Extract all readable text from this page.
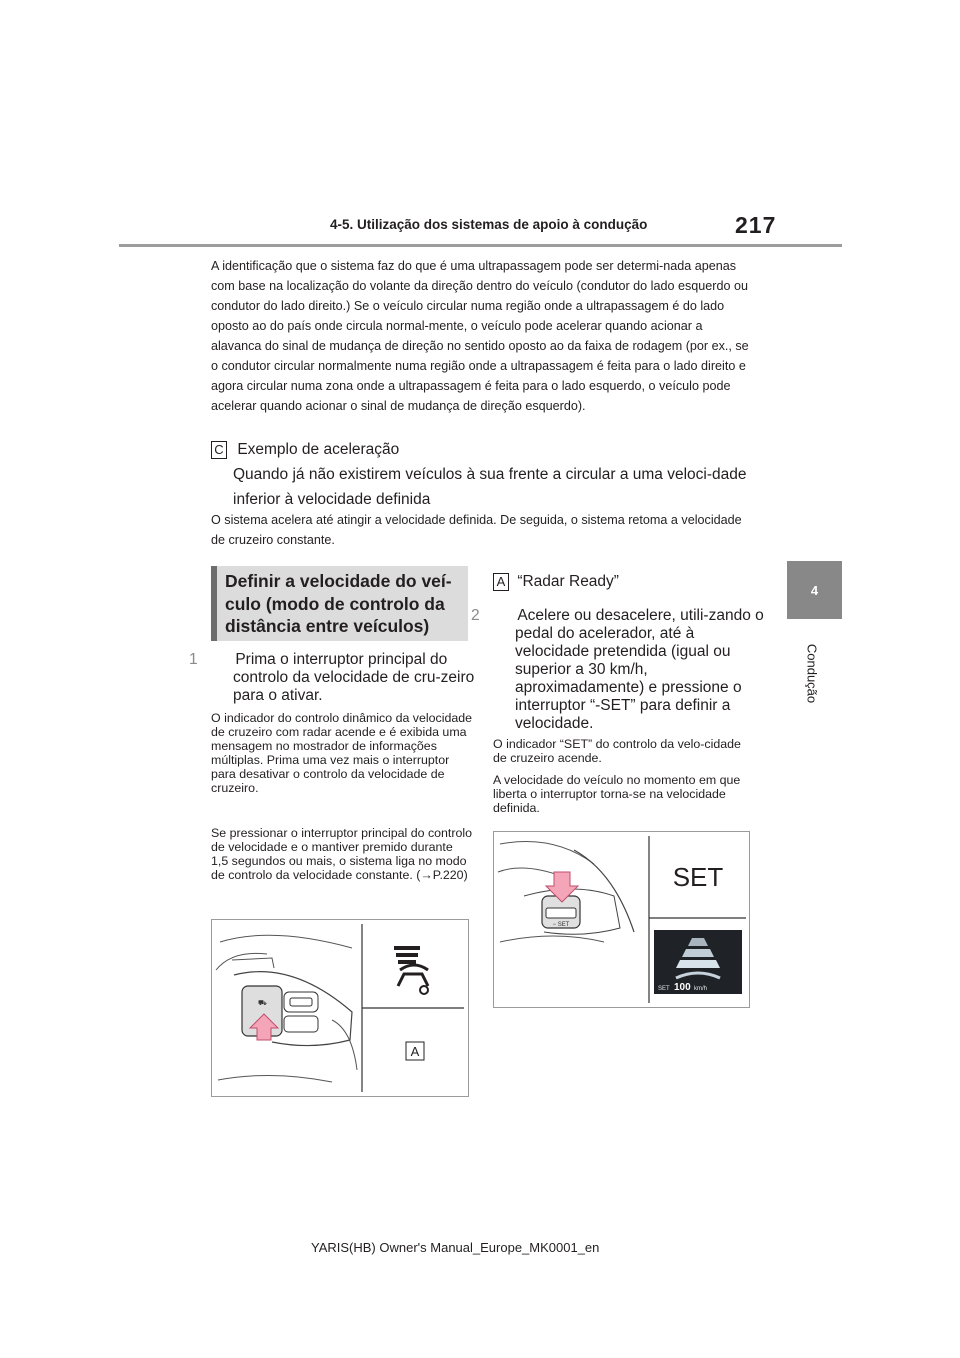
4-5. Utilização dos sistemas de apoio à condução	217
4
Condução
A identificação que o sistema faz do que é uma ultrapassagem pode ser determi-nada apenas com base na localização do volante da direção dentro do veículo (condutor do lado esquerdo ou condutor do lado direito.) Se o veículo circular numa região onde a ultrapassagem é do lado oposto ao do país onde circula normal-mente, o veículo pode acelerar quando acionar a alavanca do sinal de mudança de direção no sentido oposto ao da faixa de rodagem (por ex., se o condutor circular normalmente numa região onde a ultrapassagem é feita para o lado direito e agora circular numa zona onde a ultrapassagem é feita para o lado esquerdo, o veículo pode acelerar quando acionar o sinal de mudança de direção esquerdo).
C Exemplo de aceleração
Quando já não existirem veículos à sua frente a circular a uma veloci-dade inferior à velocidade definida
O sistema acelera até atingir a velocidade definida. De seguida, o sistema retoma a velocidade de cruzeiro constante.
Definir a velocidade do veí-culo (modo de controlo da distância entre veículos)
1 Prima o interruptor principal do controlo da velocidade de cru-zeiro para o ativar.
O indicador do controlo dinâmico da velocidade de cruzeiro com radar acende e é exibida uma mensagem no mostrador de informações múltiplas. Prima uma vez mais o interruptor para desativar o controlo da velocidade de cruzeiro.
Se pressionar o interruptor principal do controlo de velocidade e o mantiver premido durante 1,5 segundos ou mais, o sistema liga no modo de controlo da velocidade constante. (→P.220)
⛟
A
A “Radar Ready”
2 Acelere ou desacelere, utili-zando o pedal do acelerador, até à velocidade pretendida (igual ou superior a 30 km/h, aproximadamente) e pressione o interruptor “-SET” para definir a velocidade.
O indicador “SET” do controlo da velo-cidade de cruzeiro acende.
A velocidade do veículo no momento em que liberta o interruptor torna-se na velocidade definida.
− SET
SET
SET 100 km/h
YARIS(HB) Owner's Manual_Europe_MK0001_en
